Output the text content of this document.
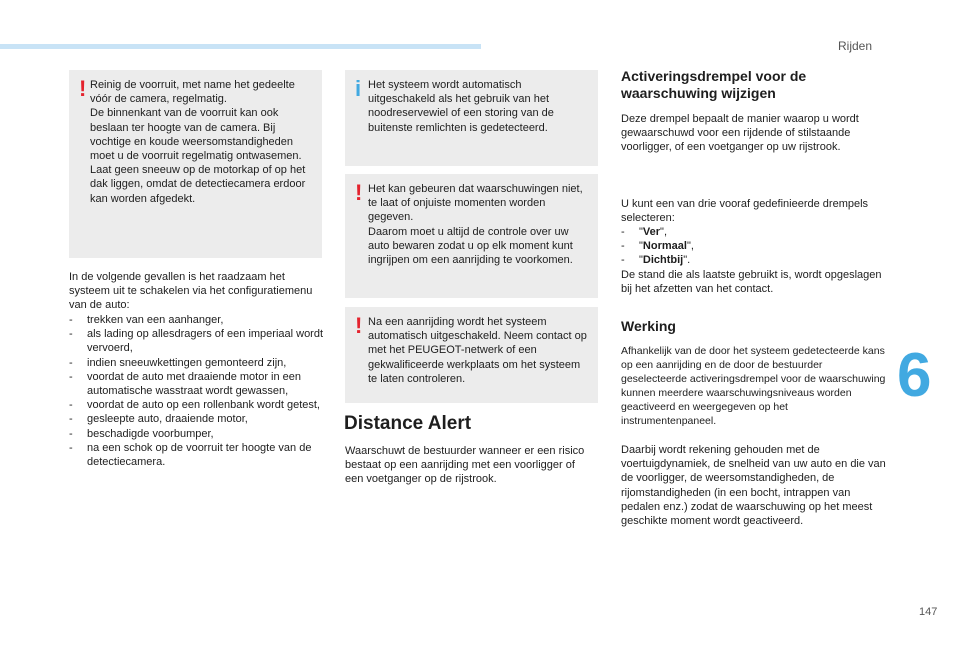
Rijden
6
147
! Reinig de voorruit, met name het gedeelte vóór de camera, regelmatig.
De binnenkant van de voorruit kan ook beslaan ter hoogte van de camera. Bij vochtige en koude weersomstandigheden moet u de voorruit regelmatig ontwasemen.
Laat geen sneeuw op de motorkap of op het dak liggen, omdat de detectiecamera erdoor kan worden afgedekt.

In de volgende gevallen is het raadzaam het systeem uit te schakelen via het configuratiemenu van de auto:

- trekken van een aanhanger,
- als lading op allesdragers of een imperiaal wordt vervoerd,
- indien sneeuwkettingen gemonteerd zijn,
- voordat de auto met draaiende motor in een automatische wasstraat wordt gewassen,
- voordat de auto op een rollenbank wordt getest,
- gesleepte auto, draaiende motor,
- beschadigde voorbumper,
- na een schok op de voorruit ter hoogte van de detectiecamera.
i Het systeem wordt automatisch uitgeschakeld als het gebruik van het noodreservewiel of een storing van de buitenste remlichten is gedetecteerd.

! Het kan gebeuren dat waarschuwingen niet, te laat of onjuiste momenten worden gegeven.
Daarom moet u altijd de controle over uw auto bewaren zodat u op elk moment kunt ingrijpen om een aanrijding te voorkomen.

! Na een aanrijding wordt het systeem automatisch uitgeschakeld. Neem contact op met het PEUGEOT-netwerk of een gekwalificeerde werkplaats om het systeem te laten controleren.

Distance Alert

Waarschuwt de bestuurder wanneer er een risico bestaat op een aanrijding met een voorligger of een voetganger op de rijstrook.

Activeringsdrempel voor de waarschuwing wijzigen

Deze drempel bepaalt de manier waarop u wordt gewaarschuwd voor een rijdende of stilstaande voorligger, of een voetganger op uw rijstrook.

U kunt een van drie vooraf gedefinieerde drempels selecteren:

- "Ver",
- "Normaal",
- "Dichtbij".

De stand die als laatste gebruikt is, wordt opgeslagen bij het afzetten van het contact.

Werking

Afhankelijk van de door het systeem gedetecteerde kans op een aanrijding en de door de bestuurder geselecteerde activeringsdrempel voor de waarschuwing kunnen meerdere waarschuwingsniveaus worden geactiveerd en weergegeven op het instrumentenpaneel.

Daarbij wordt rekening gehouden met de voertuigdynamiek, de snelheid van uw auto en die van de voorligger, de weersomstandigheden, de rijomstandigheden (in een bocht, intrappen van pedalen enz.) zodat de waarschuwing op het meest geschikte moment wordt geactiveerd.
